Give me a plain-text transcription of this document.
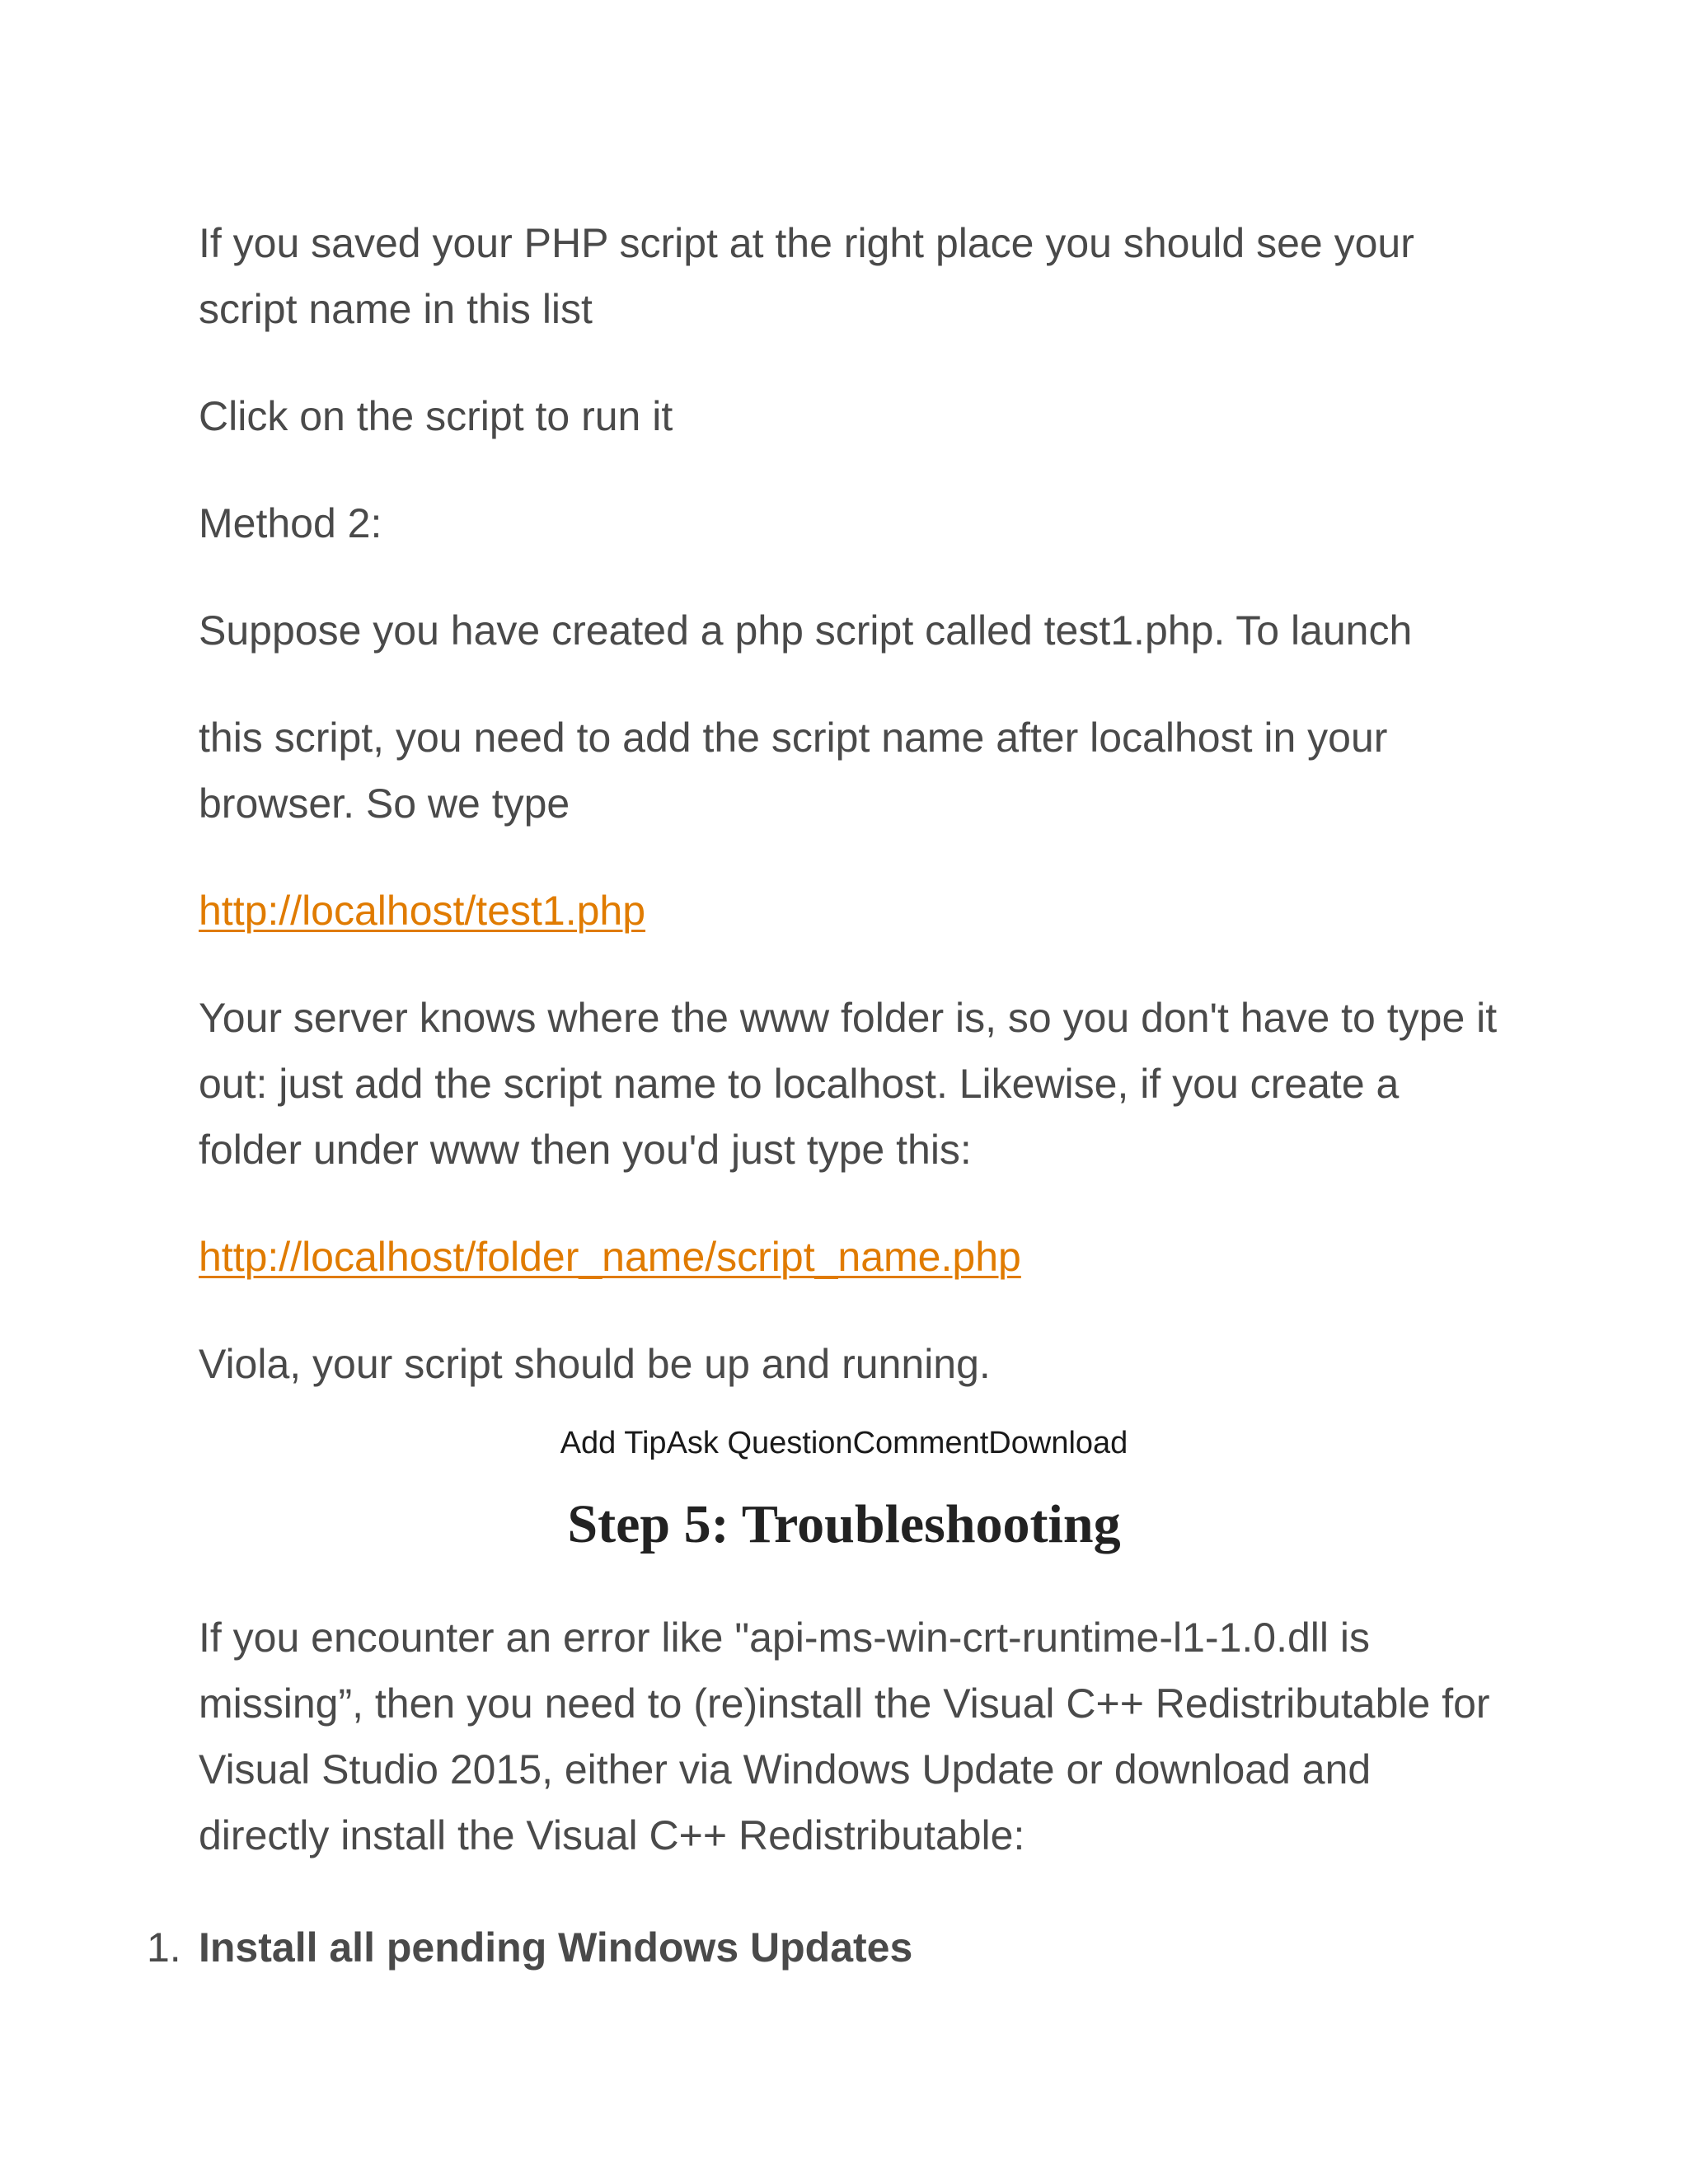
If you saved your PHP script at the right place you should see your script name in this list

Click on the script to run it

Method 2:

Suppose you have created a php script called test1.php. To launch

this script, you need to add the script name after localhost in your browser. So we type

http://localhost/test1.php

Your server knows where the www folder is, so you don't have to type it out: just add the script name to localhost. Likewise, if you create a folder under www then you'd just type this:

http://localhost/folder_name/script_name.php

Viola, your script should be up and running.

Add TipAsk QuestionCommentDownload
Step 5: Troubleshooting

If you encounter an error like "api-ms-win-crt-runtime-l1-1.0.dll is missing”, then you need to (re)install the Visual C++ Redistributable for Visual Studio 2015, either via Windows Update or download and directly install the Visual C++ Redistributable:

1. Install all pending Windows Updates
